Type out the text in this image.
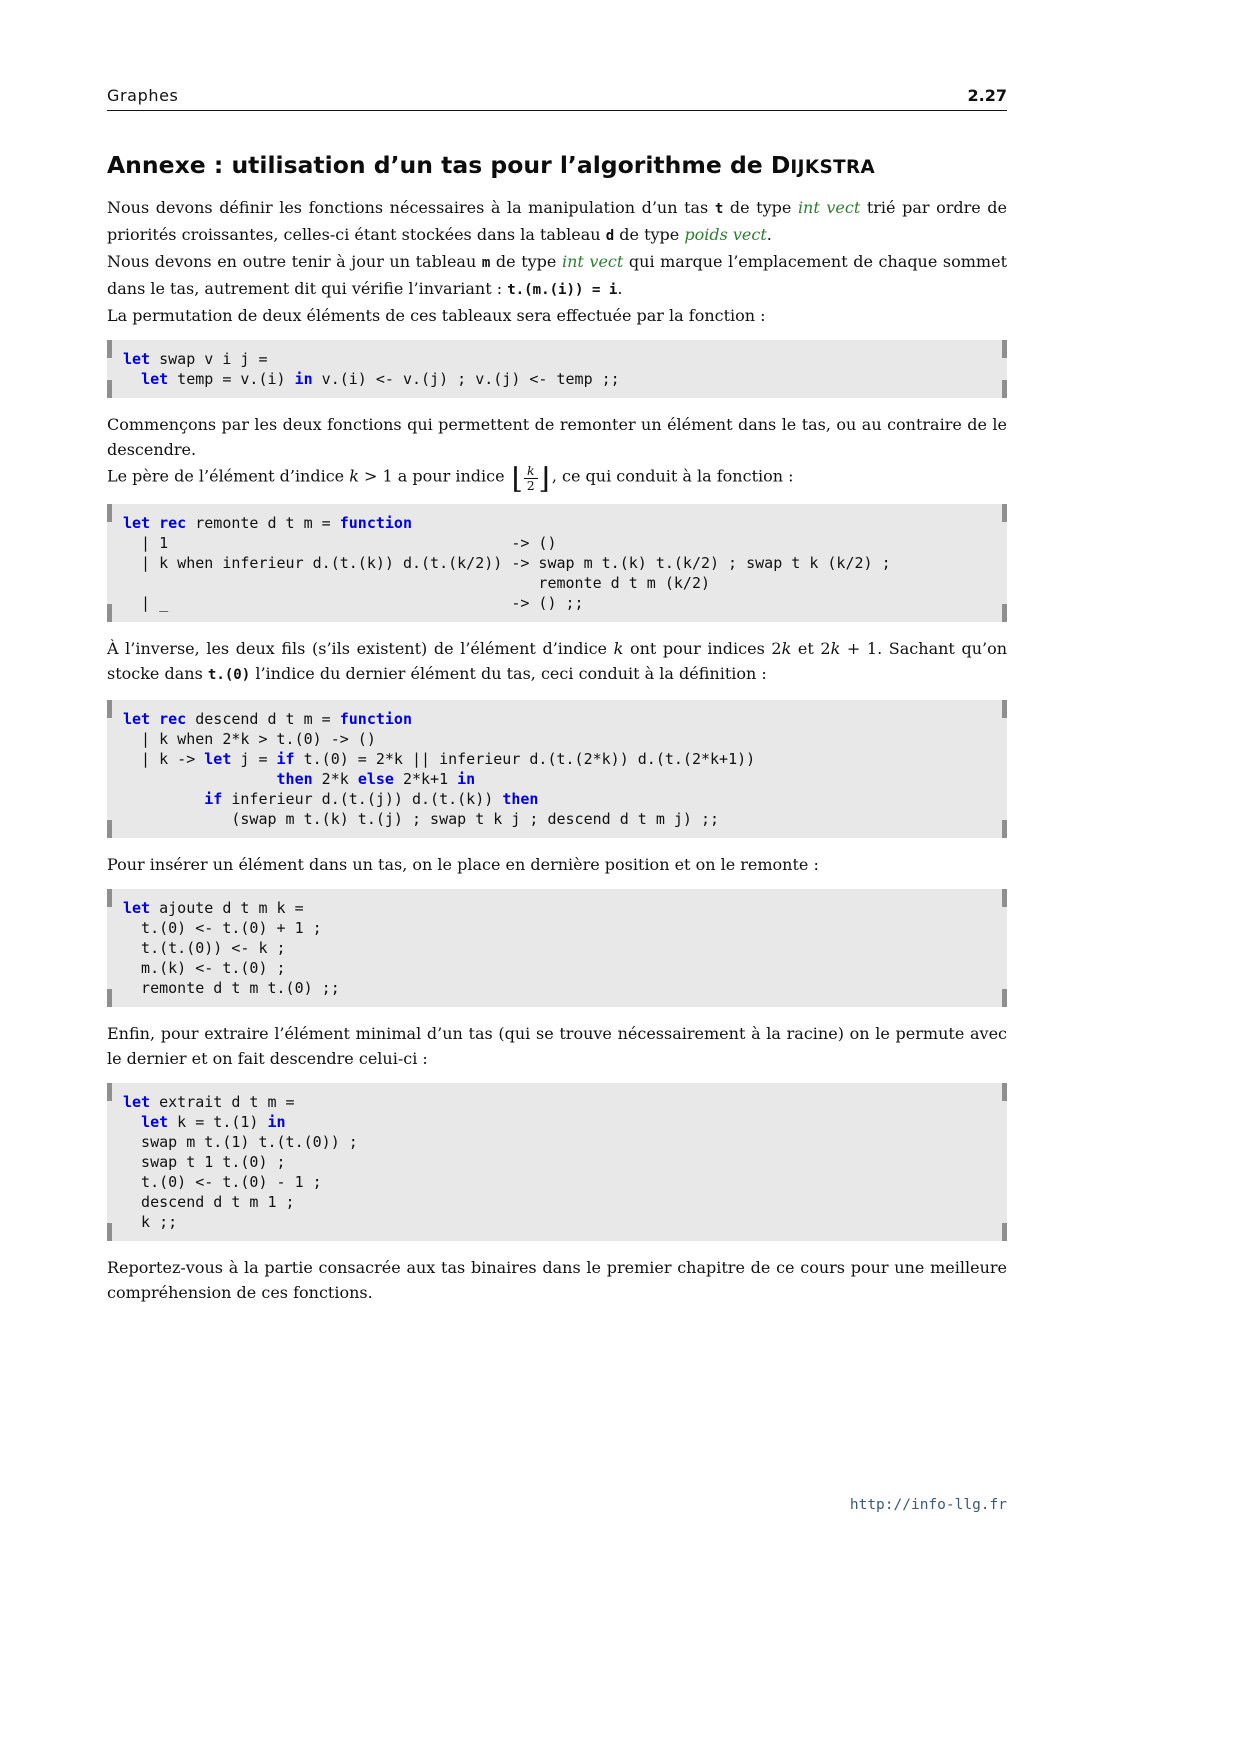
Graphes	2.27
Annexe : utilisation d’un tas pour l’algorithme de DIJKSTRA

Nous devons définir les fonctions nécessaires à la manipulation d’un tas t de type int vect trié par ordre de priorités croissantes, celles-ci étant stockées dans la tableau d de type poids vect.

Nous devons en outre tenir à jour un tableau m de type int vect qui marque l’emplacement de chaque sommet dans le tas, autrement dit qui vérifie l’invariant : t.(m.(i)) = i.

La permutation de deux éléments de ces tableaux sera effectuée par la fonction :

let swap v i j =
let temp = v.(i) in v.(i) <- v.(j) ; v.(j) <- temp ;;

Commençons par les deux fonctions qui permettent de remonter un élément dans le tas, ou au contraire de le descendre.

Le père de l’élément d’indice k > 1 a pour indice ⌊ k
2 ⌋ , ce qui conduit à la fonction :

let rec remonte d t m = function
| 1                                      -> ()
| k when inferieur d.(t.(k)) d.(t.(k/2)) -> swap m t.(k) t.(k/2) ; swap t k (k/2) ;
remonte d t m (k/2)
| _                                      -> () ;;

À l’inverse, les deux fils (s’ils existent) de l’élément d’indice k ont pour indices 2k et 2k + 1. Sachant qu’on stocke dans t.(0) l’indice du dernier élément du tas, ceci conduit à la définition :

let rec descend d t m = function
| k when 2*k > t.(0) -> ()
| k -> let j = if t.(0) = 2*k || inferieur d.(t.(2*k)) d.(t.(2*k+1))
then 2*k else 2*k+1 in
if inferieur d.(t.(j)) d.(t.(k)) then
(swap m t.(k) t.(j) ; swap t k j ; descend d t m j) ;;

Pour insérer un élément dans un tas, on le place en dernière position et on le remonte :

let ajoute d t m k =
t.(0) <- t.(0) + 1 ;
t.(t.(0)) <- k ;
m.(k) <- t.(0) ;
remonte d t m t.(0) ;;

Enfin, pour extraire l’élément minimal d’un tas (qui se trouve nécessairement à la racine) on le permute avec le dernier et on fait descendre celui-ci :

let extrait d t m =
let k = t.(1) in
swap m t.(1) t.(t.(0)) ;
swap t 1 t.(0) ;
t.(0) <- t.(0) - 1 ;
descend d t m 1 ;
k ;;

Reportez-vous à la partie consacrée aux tas binaires dans le premier chapitre de ce cours pour une meilleure compréhension de ces fonctions.

http://info-llg.fr
